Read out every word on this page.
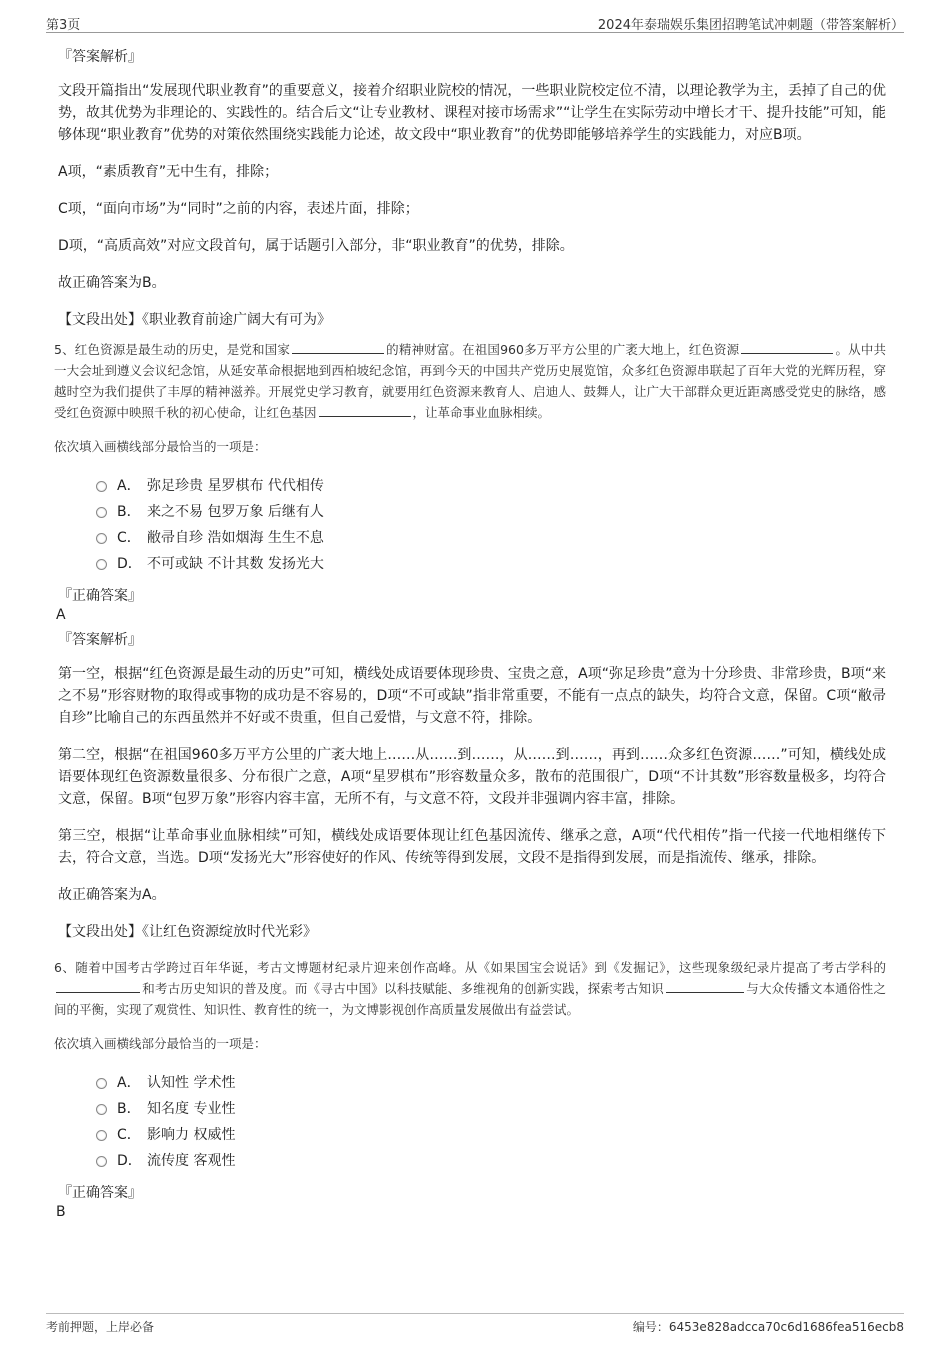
第3页	2024年泰瑞娱乐集团招聘笔试冲刺题（带答案解析）

『答案解析』

文段开篇指出“发展现代职业教育”的重要意义，接着介绍职业院校的情况，一些职业院校定位不清，以理论教学为主，丢掉了自己的优势，故其优势为非理论的、实践性的。结合后文“让专业教材、课程对接市场需求”“让学生在实际劳动中增长才干、提升技能”可知，能够体现“职业教育”优势的对策依然围绕实践能力论述，故文段中“职业教育”的优势即能够培养学生的实践能力，对应B项。

A项，“素质教育”无中生有，排除；

C项，“面向市场”为“同时”之前的内容，表述片面，排除；

D项，“高质高效”对应文段首句，属于话题引入部分，非“职业教育”的优势，排除。

故正确答案为B。

【文段出处】《职业教育前途广阔大有可为》

5、红色资源是最生动的历史，是党和国家	的精神财富。在祖国960多万平方公里的广袤大地上，红色资源	。从中共一大会址到遵义会议纪念馆，从延安革命根据地到西柏坡纪念馆，再到今天的中国共产党历史展览馆，众多红色资源串联起了百年大党的光辉历程，穿越时空为我们提供了丰厚的精神滋养。开展党史学习教育，就要用红色资源来教育人、启迪人、鼓舞人，让广大干部群众更近距离感受党史的脉络，感受红色资源中映照千秋的初心使命，让红色基因	，让革命事业血脉相续。

依次填入画横线部分最恰当的一项是：

A． 弥足珍贵 星罗棋布 代代相传
B． 来之不易 包罗万象 后继有人
C． 敝帚自珍 浩如烟海 生生不息
D． 不可或缺 不计其数 发扬光大

『正确答案』

A

『答案解析』

第一空，根据“红色资源是最生动的历史”可知，横线处成语要体现珍贵、宝贵之意，A项“弥足珍贵”意为十分珍贵、非常珍贵，B项“来之不易”形容财物的取得或事物的成功是不容易的，D项“不可或缺”指非常重要，不能有一点点的缺失，均符合文意，保留。C项“敝帚自珍”比喻自己的东西虽然并不好或不贵重，但自己爱惜，与文意不符，排除。

第二空，根据“在祖国960多万平方公里的广袤大地上……从……到……，从……到……，再到……众多红色资源……”可知，横线处成语要体现红色资源数量很多、分布很广之意，A项“星罗棋布”形容数量众多，散布的范围很广，D项“不计其数”形容数量极多，均符合文意，保留。B项“包罗万象”形容内容丰富，无所不有，与文意不符，文段并非强调内容丰富，排除。

第三空，根据“让革命事业血脉相续”可知，横线处成语要体现让红色基因流传、继承之意，A项“代代相传”指一代接一代地相继传下去，符合文意，当选。D项“发扬光大”形容使好的作风、传统等得到发展，文段不是指得到发展，而是指流传、继承，排除。

故正确答案为A。

【文段出处】《让红色资源绽放时代光彩》

6、随着中国考古学跨过百年华诞，考古文博题材纪录片迎来创作高峰。从《如果国宝会说话》到《发掘记》，这些现象级纪录片提高了考古学科的和考古历史知识的普及度。而《寻古中国》以科技赋能、多维视角的创新实践，探索考古知识	与大众传播文本通俗性之间的平衡，实现了观赏性、知识性、教育性的统一，为文博影视创作高质量发展做出有益尝试。

依次填入画横线部分最恰当的一项是：

A． 认知性 学术性
B． 知名度 专业性
C． 影响力 权威性
D． 流传度 客观性

『正确答案』

B

考前押题，上岸必备	编号：6453e828adcca70c6d1686fea516ecb8
